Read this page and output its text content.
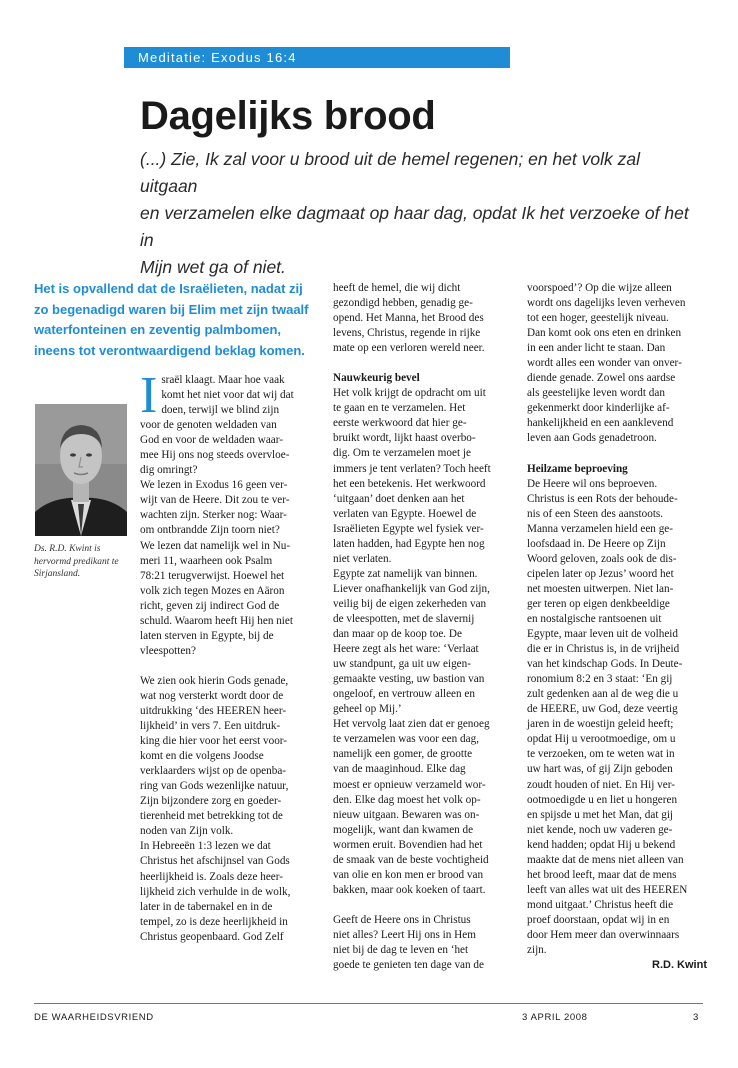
Meditatie: Exodus 16:4
Dagelijks brood
(...) Zie, Ik zal voor u brood uit de hemel regenen; en het volk zal uitgaan
en verzamelen elke dagmaat op haar dag, opdat Ik het verzoeke of het in
Mijn wet ga of niet.
Het is opvallend dat de Israëlieten, nadat zij
zo begenadigd waren bij Elim met zijn twaalf
waterfonteinen en zeventig palmbomen,
ineens tot verontwaardigend beklag komen.
Ds. R.D. Kwint is
hervormd predikant te
Sirjansland.
I sraël klaagt. Maar hoe vaak
komt het niet voor dat wij dat
doen, terwijl we blind zijn
voor de genoten weldaden van
God en voor de weldaden waar-
mee Hij ons nog steeds overvloe-
dig omringt?
We lezen in Exodus 16 geen ver-
wijt van de Heere. Dit zou te ver-
wachten zijn. Sterker nog: Waar-
om ontbrandde Zijn toorn niet?
We lezen dat namelijk wel in Nu-
meri 11, waarheen ook Psalm
78:21 terugverwijst. Hoewel het
volk zich tegen Mozes en Aäron
richt, geven zij indirect God de
schuld. Waarom heeft Hij hen niet
laten sterven in Egypte, bij de
vleespotten?
We zien ook hierin Gods genade,
wat nog versterkt wordt door de
uitdrukking ‘des HEEREN heer-
lijkheid’ in vers 7. Een uitdruk-
king die hier voor het eerst voor-
komt en die volgens Joodse
verklaarders wijst op de openba-
ring van Gods wezenlijke natuur,
Zijn bijzondere zorg en goeder-
tierenheid met betrekking tot de
noden van Zijn volk.
In Hebreeën 1:3 lezen we dat
Christus het afschijnsel van Gods
heerlijkheid is. Zoals deze heer-
lijkheid zich verhulde in de wolk,
later in de tabernakel en in de
tempel, zo is deze heerlijkheid in
Christus geopenbaard. God Zelf
heeft de hemel, die wij dicht
gezondigd hebben, genadig ge-
opend. Het Manna, het Brood des
levens, Christus, regende in rijke
mate op een verloren wereld neer.
Nauwkeurig bevel
Het volk krijgt de opdracht om uit
te gaan en te verzamelen. Het
eerste werkwoord dat hier ge-
bruikt wordt, lijkt haast overbo-
dig. Om te verzamelen moet je
immers je tent verlaten? Toch heeft
het een betekenis. Het werkwoord
‘uitgaan’ doet denken aan het
verlaten van Egypte. Hoewel de
Israëlieten Egypte wel fysiek ver-
laten hadden, had Egypte hen nog
niet verlaten.
Egypte zat namelijk van binnen.
Liever onafhankelijk van God zijn,
veilig bij de eigen zekerheden van
de vleespotten, met de slavernij
dan maar op de koop toe. De
Heere zegt als het ware: ‘Verlaat
uw standpunt, ga uit uw eigen-
gemaakte vesting, uw bastion van
ongeloof, en vertrouw alleen en
geheel op Mij.’
Het vervolg laat zien dat er genoeg
te verzamelen was voor een dag,
namelijk een gomer, de grootte
van de maaginhoud. Elke dag
moest er opnieuw verzameld wor-
den. Elke dag moest het volk op-
nieuw uitgaan. Bewaren was on-
mogelijk, want dan kwamen de
wormen eruit. Bovendien had het
de smaak van de beste vochtigheid
van olie en kon men er brood van
bakken, maar ook koeken of taart.
Geeft de Heere ons in Christus
niet alles? Leert Hij ons in Hem
niet bij de dag te leven en ‘het
goede te genieten ten dage van de
voorspoed’? Op die wijze alleen
wordt ons dagelijks leven verheven
tot een hoger, geestelijk niveau.
Dan komt ook ons eten en drinken
in een ander licht te staan. Dan
wordt alles een wonder van onver-
diende genade. Zowel ons aardse
als geestelijke leven wordt dan
gekenmerkt door kinderlijke af-
hankelijkheid en een aanklevend
leven aan Gods genadetroon.
Heilzame beproeving
De Heere wil ons beproeven.
Christus is een Rots der behoude-
nis of een Steen des aanstoots.
Manna verzamelen hield een ge-
loofsdaad in. De Heere op Zijn
Woord geloven, zoals ook de dis-
cipelen later op Jezus’ woord het
net moesten uitwerpen. Niet lan-
ger teren op eigen denkbeeldige
en nostalgische rantsoenen uit
Egypte, maar leven uit de volheid
die er in Christus is, in de vrijheid
van het kindschap Gods. In Deute-
ronomium 8:2 en 3 staat: ‘En gij
zult gedenken aan al de weg die u
de HEERE, uw God, deze veertig
jaren in de woestijn geleid heeft;
opdat Hij u verootmoedige, om u
te verzoeken, om te weten wat in
uw hart was, of gij Zijn geboden
zoudt houden of niet. En Hij ver-
ootmoedigde u en liet u hongeren
en spijsde u met het Man, dat gij
niet kende, noch uw vaderen ge-
kend hadden; opdat Hij u bekend
maakte dat de mens niet alleen van
het brood leeft, maar dat de mens
leeft van alles wat uit des HEEREN
mond uitgaat.’ Christus heeft die
proef doorstaan, opdat wij in en
door Hem meer dan overwinnaars
zijn.
R.D. Kwint
DE WAARHEIDSVRIEND	3 APRIL 2008	3
